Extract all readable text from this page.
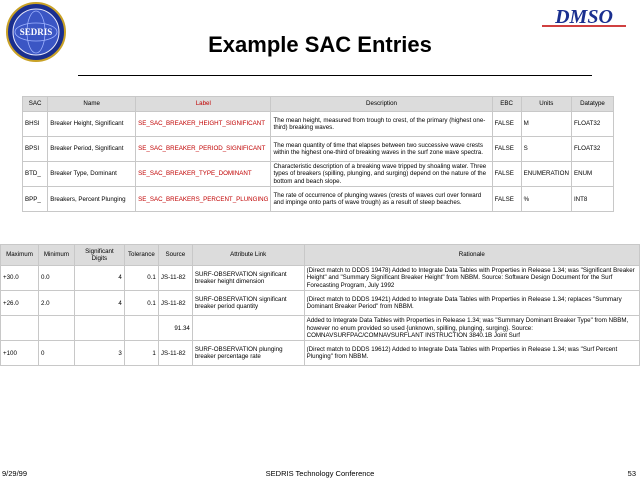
SEDRIS
DMSO
Example SAC Entries
SAC	Name	Label	Description	EBC	Units	Datatype
BHSI	Breaker Height, Significant	SE_SAC_BREAKER_HEIGHT_SIGNIFICANT	The mean height, measured from trough to crest, of the primary (highest one-third) breaking waves.	FALSE	M	FLOAT32
BPSI	Breaker Period, Significant	SE_SAC_BREAKER_PERIOD_SIGNIFICANT	The mean quantity of time that elapses between two successive wave crests within the highest one-third of breaking waves in the surf zone wave spectra.	FALSE	S	FLOAT32
BTD_	Breaker Type, Dominant	SE_SAC_BREAKER_TYPE_DOMINANT	Characteristic description of a breaking wave tripped by shoaling water. Three types of breakers (spilling, plunging, and surging) depend on the nature of the bottom and beach slope.	FALSE	ENUMERATION	ENUM
BPP_	Breakers, Percent Plunging	SE_SAC_BREAKERS_PERCENT_PLUNGING	The rate of occurrence of plunging waves (crests of waves curl over forward and impinge onto parts of wave trough) as a result of steep beaches.	FALSE	%	INT8
Maximum	Minimum	Significant Digits	Tolerance	Source	Attribute Link	Rationale
+30.0	0.0	4	0.1	JS-11-82	SURF-OBSERVATION significant breaker height dimension	(Direct match to DDDS 19478) Added to Integrate Data Tables with Properties in Release 1.34; was "Significant Breaker Height" and "Summary Significant Breaker Height" from NBBM. Source: Software Design Document for the Surf Forecasting Program, July 1992
+26.0	2.0	4	0.1	JS-11-82	SURF-OBSERVATION significant breaker period quantity	(Direct match to DDDS 19421) Added to Integrate Data Tables with Properties in Release 1.34; replaces "Summary Dominant Breaker Period" from NBBM.
				91.34		Added to Integrate Data Tables with Properties in Release 1.34; was "Summary Dominant Breaker Type" from NBBM, however no enum provided so used {unknown, spilling, plunging, surging}. Source: COMNAVSURFPAC/COMNAVSURFLANT INSTRUCTION 3840.1B Joint Surf
+100	0	3	1	JS-11-82	SURF-OBSERVATION plunging breaker percentage rate	(Direct match to DDDS 19612) Added to Integrate Data Tables with Properties in Release 1.34; was "Surf Percent Plunging" from NBBM.
9/29/99	SEDRIS Technology Conference	53
